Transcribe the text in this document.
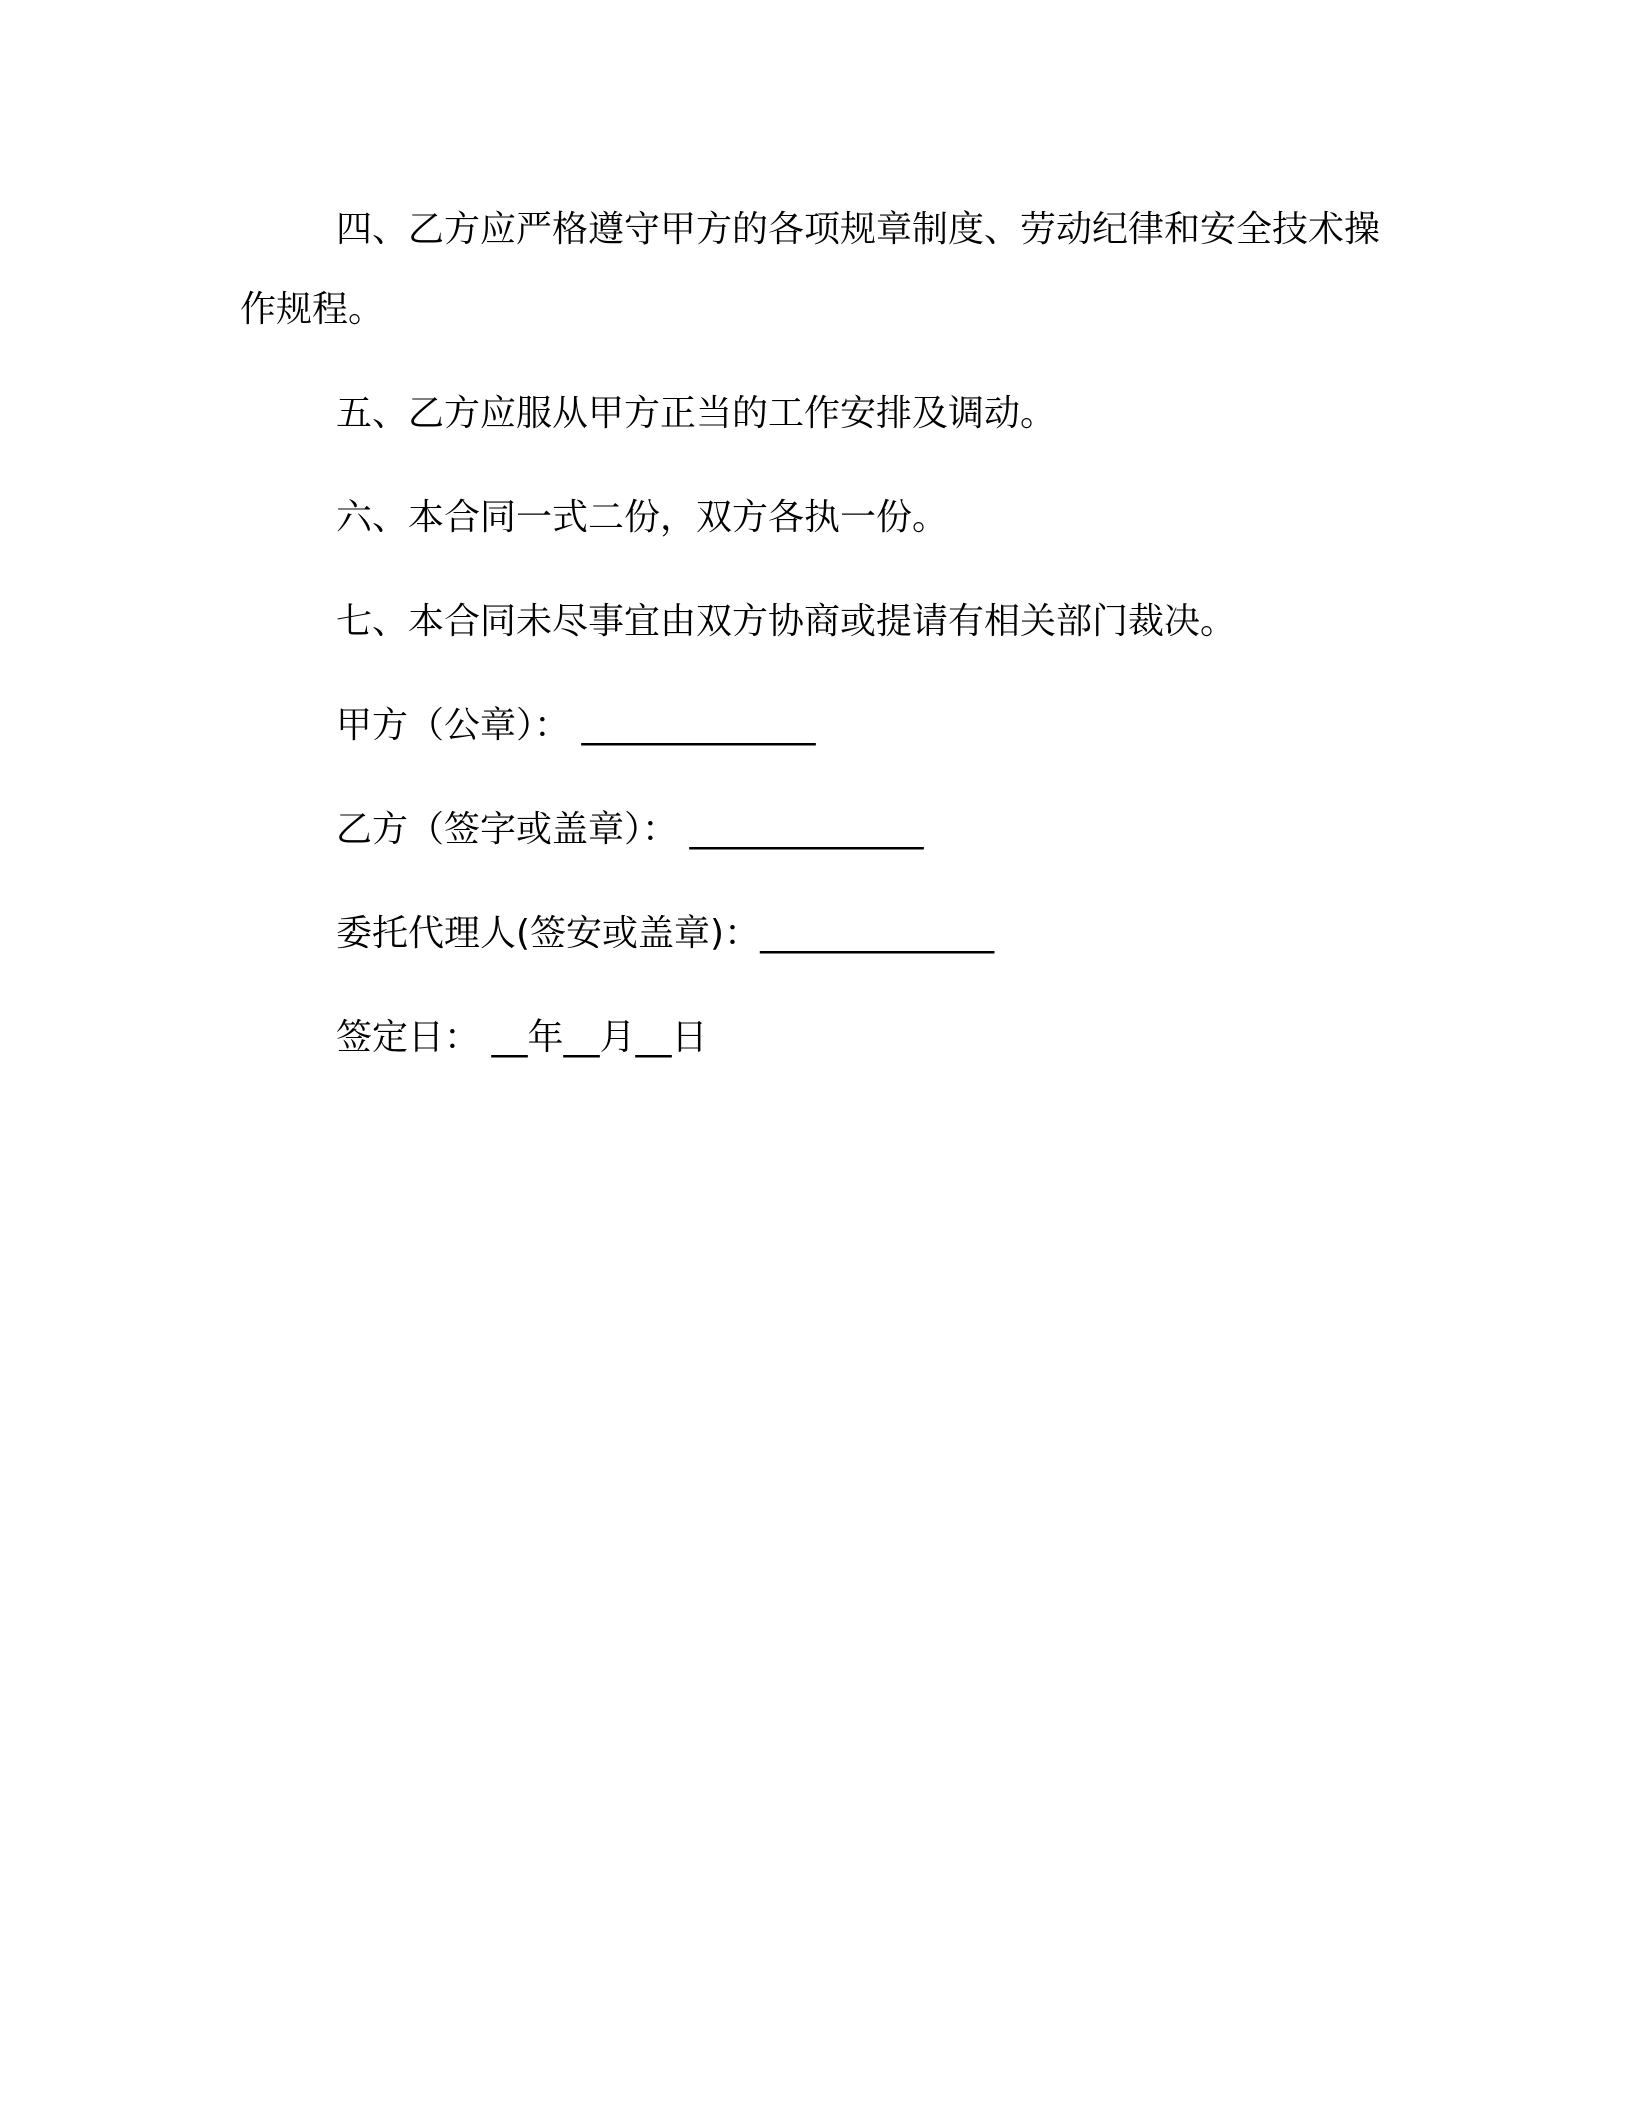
四、乙方应严格遵守甲方的各项规章制度、劳动纪律和安全技术操作规程。

五、乙方应服从甲方正当的工作安排及调动。

六、本合同一式二份，双方各执一份。

七、本合同未尽事宜由双方协商或提请有相关部门裁决。

甲方（公章）： _____________
乙方（签字或盖章）： _____________
委托代理人(签安或盖章)：_____________
签定日： __年__月__日
